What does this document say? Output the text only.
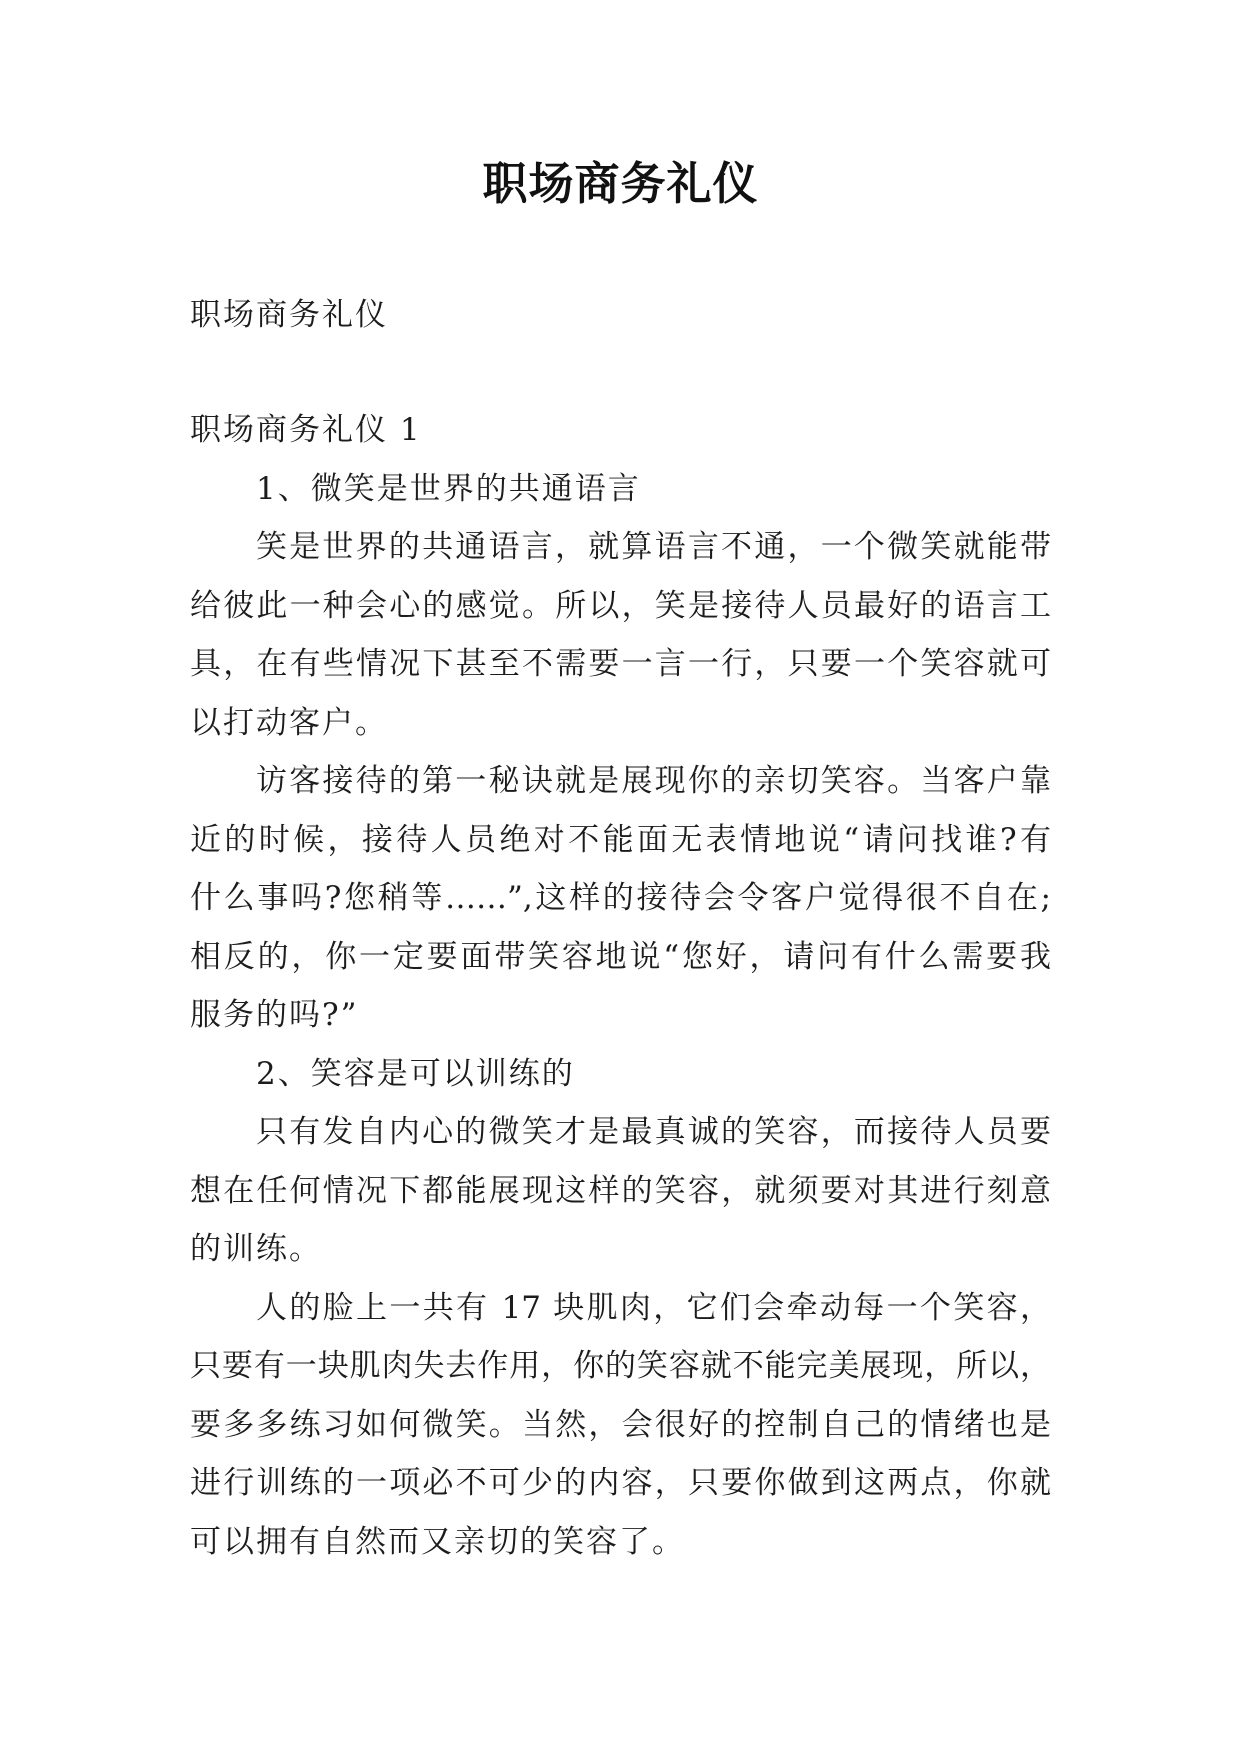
职场商务礼仪
职场商务礼仪
职场商务礼仪 1
1、微笑是世界的共通语言
笑是世界的共通语言，就算语言不通，一个微笑就能带
给彼此一种会心的感觉。所以，笑是接待人员最好的语言工
具，在有些情况下甚至不需要一言一行，只要一个笑容就可
以打动客户。
访客接待的第一秘诀就是展现你的亲切笑容。当客户靠
近的时候，接待人员绝对不能面无表情地说“请问找谁?有
什么事吗?您稍等……”,这样的接待会令客户觉得很不自在;
相反的，你一定要面带笑容地说“您好，请问有什么需要我
服务的吗?”
2、笑容是可以训练的
只有发自内心的微笑才是最真诚的笑容，而接待人员要
想在任何情况下都能展现这样的笑容，就须要对其进行刻意
的训练。
人的脸上一共有 17 块肌肉，它们会牵动每一个笑容，
只要有一块肌肉失去作用，你的笑容就不能完美展现，所以，
要多多练习如何微笑。当然，会很好的控制自己的情绪也是
进行训练的一项必不可少的内容，只要你做到这两点，你就
可以拥有自然而又亲切的笑容了。
